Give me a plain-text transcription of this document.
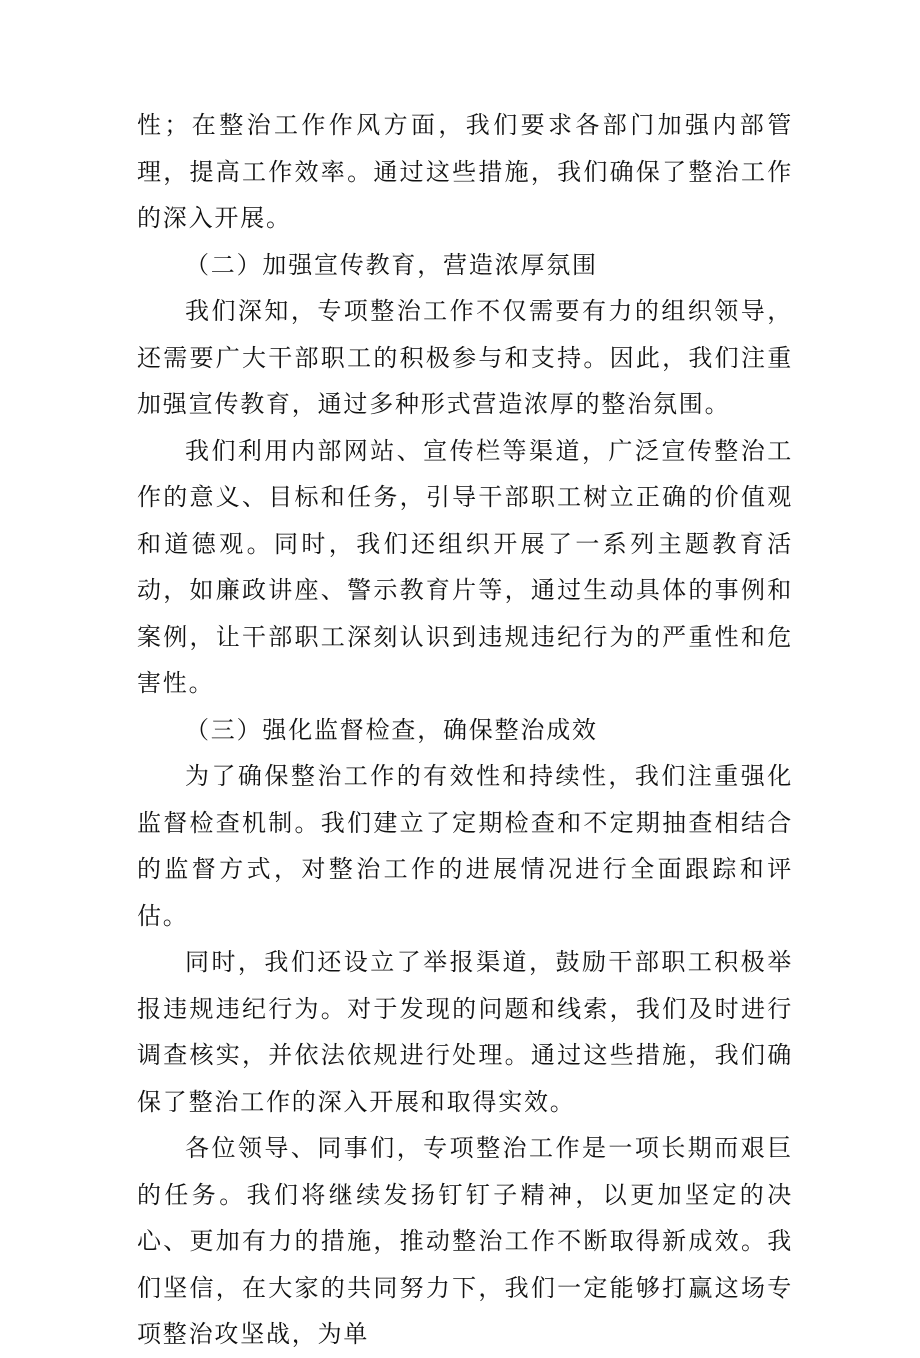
性；在整治工作作风方面，我们要求各部门加强内部管理，提高工作效率。通过这些措施，我们确保了整治工作的深入开展。

（二）加强宣传教育，营造浓厚氛围

我们深知，专项整治工作不仅需要有力的组织领导，还需要广大干部职工的积极参与和支持。因此，我们注重加强宣传教育，通过多种形式营造浓厚的整治氛围。

我们利用内部网站、宣传栏等渠道，广泛宣传整治工作的意义、目标和任务，引导干部职工树立正确的价值观和道德观。同时，我们还组织开展了一系列主题教育活动，如廉政讲座、警示教育片等，通过生动具体的事例和案例，让干部职工深刻认识到违规违纪行为的严重性和危害性。

（三）强化监督检查，确保整治成效

为了确保整治工作的有效性和持续性，我们注重强化监督检查机制。我们建立了定期检查和不定期抽查相结合的监督方式，对整治工作的进展情况进行全面跟踪和评估。

同时，我们还设立了举报渠道，鼓励干部职工积极举报违规违纪行为。对于发现的问题和线索，我们及时进行调查核实，并依法依规进行处理。通过这些措施，我们确保了整治工作的深入开展和取得实效。

各位领导、同事们，专项整治工作是一项长期而艰巨的任务。我们将继续发扬钉钉子精神，以更加坚定的决心、更加有力的措施，推动整治工作不断取得新成效。我们坚信，在大家的共同努力下，我们一定能够打赢这场专项整治攻坚战，为单
